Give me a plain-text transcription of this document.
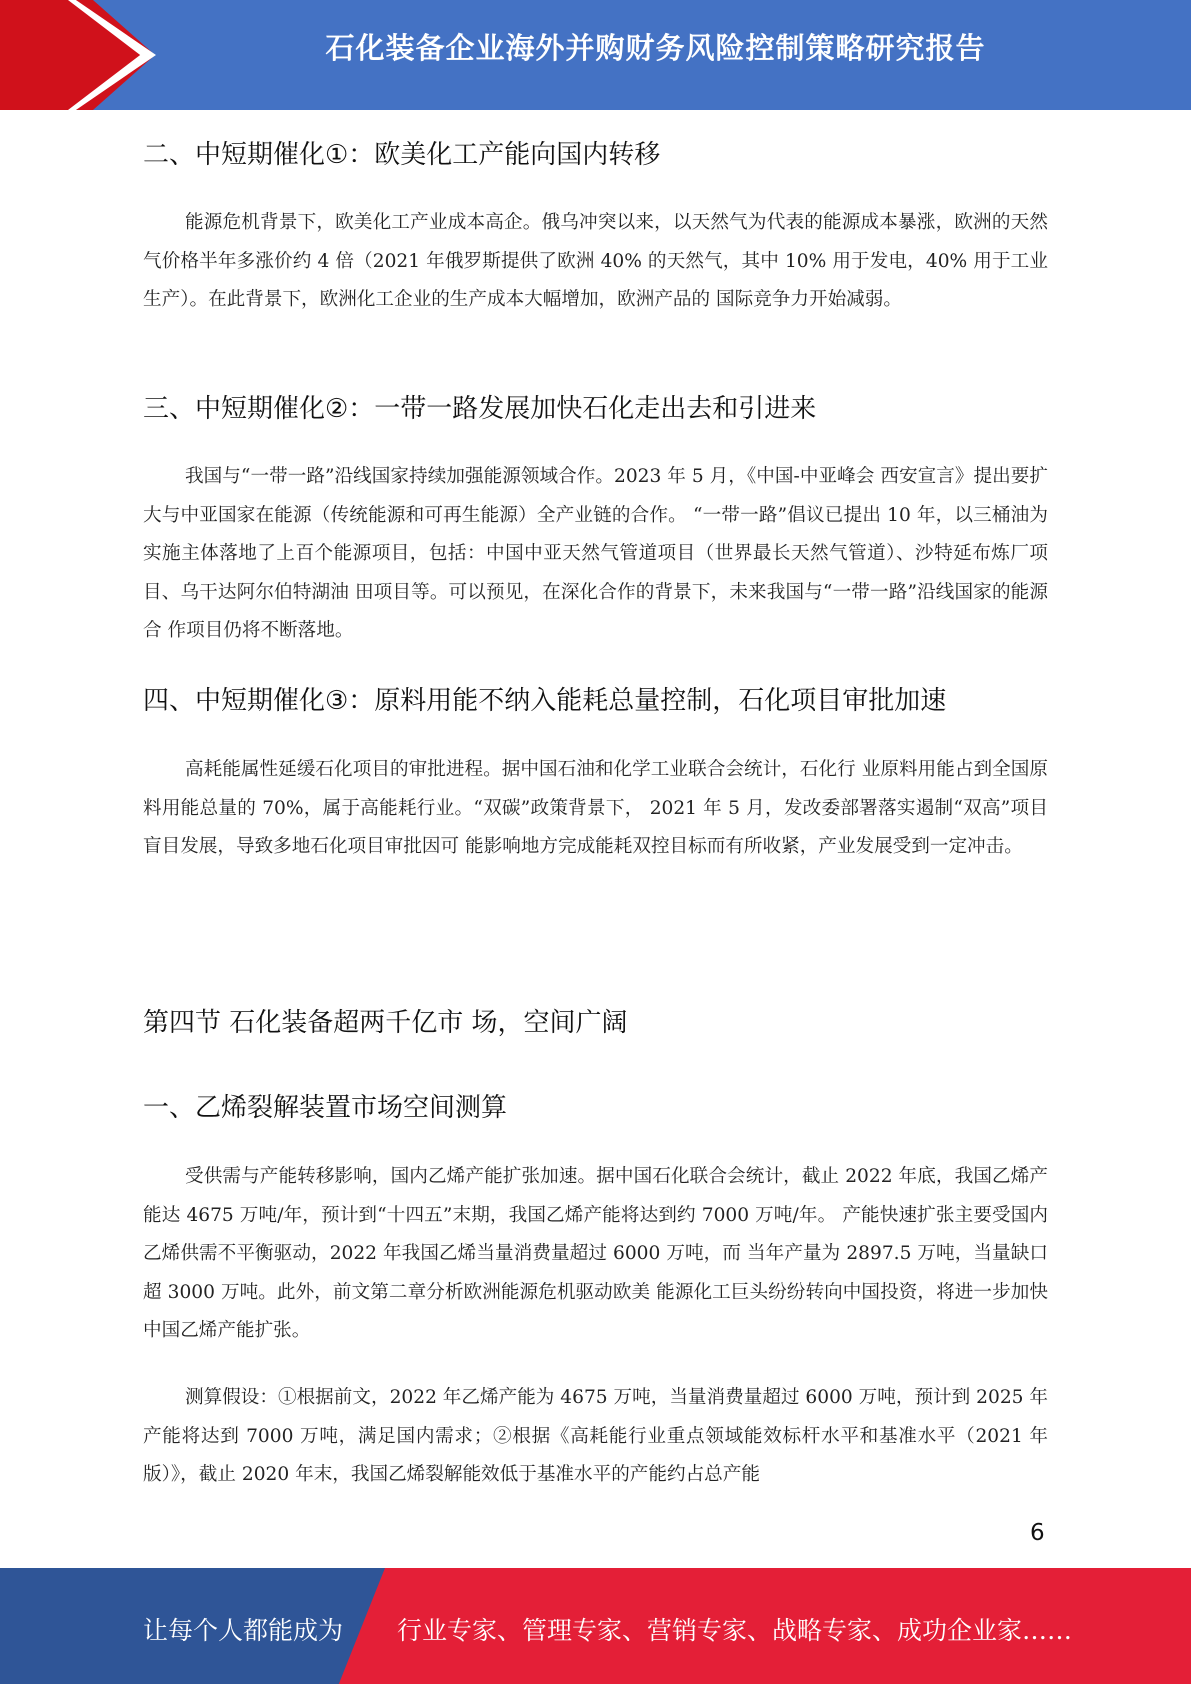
石化装备企业海外并购财务风险控制策略研究报告
二、中短期催化①：欧美化工产能向国内转移

能源危机背景下，欧美化工产业成本高企。俄乌冲突以来，以天然气为代表的能源成本暴涨，欧洲的天然气价格半年多涨价约 4 倍（2021 年俄罗斯提供了欧洲 40% 的天然气，其中 10% 用于发电，40% 用于工业生产）。在此背景下，欧洲化工企业的生产成本大幅增加，欧洲产品的 国际竞争力开始减弱。

三、中短期催化②：一带一路发展加快石化走出去和引进来

我国与“一带一路”沿线国家持续加强能源领域合作。2023 年 5 月，《中国-中亚峰会 西安宣言》提出要扩大与中亚国家在能源（传统能源和可再生能源）全产业链的合作。 “一带一路”倡议已提出 10 年，以三桶油为实施主体落地了上百个能源项目，包括：中国中亚天然气管道项目（世界最长天然气管道）、沙特延布炼厂项目、乌干达阿尔伯特湖油 田项目等。可以预见，在深化合作的背景下，未来我国与“一带一路”沿线国家的能源合 作项目仍将不断落地。

四、中短期催化③：原料用能不纳入能耗总量控制，石化项目审批加速

高耗能属性延缓石化项目的审批进程。据中国石油和化学工业联合会统计，石化行 业原料用能占到全国原料用能总量的 70%，属于高能耗行业。“双碳”政策背景下， 2021 年 5 月，发改委部署落实遏制“双高”项目盲目发展，导致多地石化项目审批因可 能影响地方完成能耗双控目标而有所收紧，产业发展受到一定冲击。

第四节 石化装备超两千亿市 场，空间广阔
一、乙烯裂解装置市场空间测算

受供需与产能转移影响，国内乙烯产能扩张加速。据中国石化联合会统计，截止 2022 年底，我国乙烯产能达 4675 万吨/年，预计到“十四五”末期，我国乙烯产能将达到约 7000 万吨/年。 产能快速扩张主要受国内乙烯供需不平衡驱动，2022 年我国乙烯当量消费量超过 6000 万吨，而 当年产量为 2897.5 万吨，当量缺口超 3000 万吨。此外，前文第二章分析欧洲能源危机驱动欧美 能源化工巨头纷纷转向中国投资，将进一步加快中国乙烯产能扩张。

测算假设：①根据前文，2022 年乙烯产能为 4675 万吨，当量消费量超过 6000 万吨，预计到 2025 年产能将达到 7000 万吨，满足国内需求；②根据《高耗能行业重点领域能效标杆水平和基准水平（2021 年版）》，截止 2020 年末，我国乙烯裂解能效低于基准水平的产能约占总产能

6
让每个人都能成为 行业专家、管理专家、营销专家、战略专家、成功企业家……
